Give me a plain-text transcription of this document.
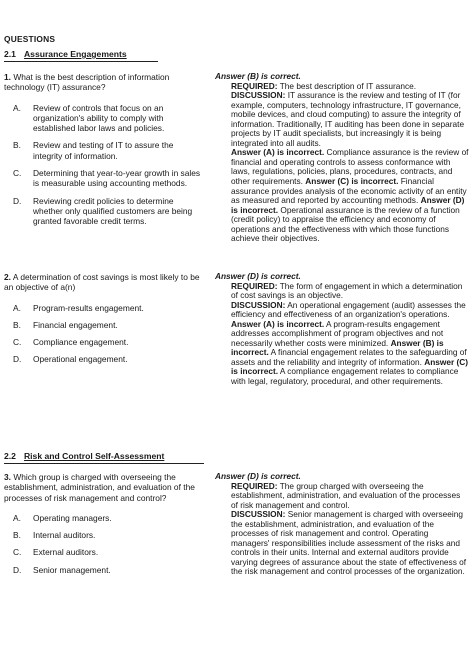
QUESTIONS
2.1 Assurance Engagements

1. What is the best description of information technology (IT) assurance?

A.	Review of controls that focus on an organization's ability to comply with established labor laws and policies.
B.	Review and testing of IT to assure the integrity of information.
C.	Determining that year-to-year growth in sales is measurable using accounting methods.
D.	Reviewing credit policies to determine whether only qualified customers are being granted favorable credit terms.

Answer (B) is correct.

REQUIRED: The best description of IT assurance.

DISCUSSION: IT assurance is the review and testing of IT (for example, computers, technology infrastructure, IT governance, mobile devices, and cloud computing) to assure the integrity of information. Traditionally, IT auditing has been done in separate projects by IT audit specialists, but increasingly it is being integrated into all audits.

Answer (A) is incorrect. Compliance assurance is the review of financial and operating controls to assess conformance with laws, regulations, policies, plans, procedures, contracts, and other requirements. Answer (C) is incorrect. Financial assurance provides analysis of the economic activity of an entity as measured and reported by accounting methods. Answer (D) is incorrect. Operational assurance is the review of a function (credit policy) to appraise the efficiency and economy of operations and the effectiveness with which those functions achieve their objectives.

2. A determination of cost savings is most likely to be an objective of a(n)

A.	Program-results engagement.
B.	Financial engagement.
C.	Compliance engagement.
D.	Operational engagement.

Answer (D) is correct.

REQUIRED: The form of engagement in which a determination of cost savings is an objective.

DISCUSSION: An operational engagement (audit) assesses the efficiency and effectiveness of an organization's operations.

Answer (A) is incorrect. A program-results engagement addresses accomplishment of program objectives and not necessarily whether costs were minimized. Answer (B) is incorrect. A financial engagement relates to the safeguarding of assets and the reliability and integrity of information. Answer (C) is incorrect. A compliance engagement relates to compliance with legal, regulatory, procedural, and other requirements.

2.2 Risk and Control Self-Assessment

3. Which group is charged with overseeing the establishment, administration, and evaluation of the processes of risk management and control?

A.	Operating managers.
B.	Internal auditors.
C.	External auditors.
D.	Senior management.

Answer (D) is correct.

REQUIRED: The group charged with overseeing the establishment, administration, and evaluation of the processes of risk management and control.

DISCUSSION: Senior management is charged with overseeing the establishment, administration, and evaluation of the processes of risk management and control. Operating managers' responsibilities include assessment of the risks and controls in their units. Internal and external auditors provide varying degrees of assurance about the state of effectiveness of the risk management and control processes of the organization.
